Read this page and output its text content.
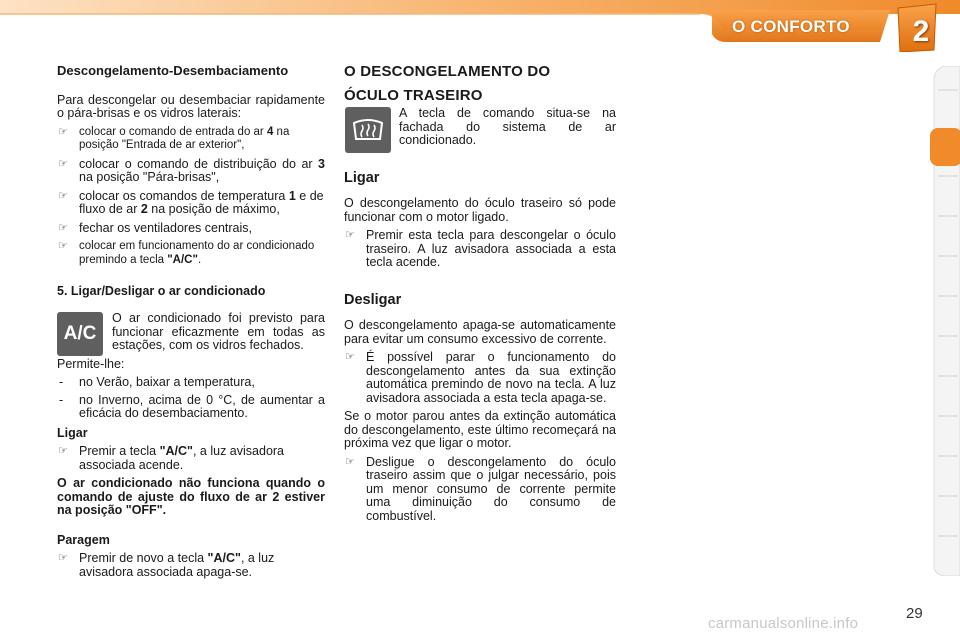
O CONFORTO 2

Descongelamento-Desembaciamento

Para descongelar ou desembaciar rapidamente o pára-brisas e os vidros laterais:

☞ colocar o comando de entrada do ar 4 na posição "Entrada de ar exterior",
☞ colocar o comando de distribuição do ar 3 na posição "Pára-brisas",
☞ colocar os comandos de temperatura 1 e de fluxo de ar 2 na posição de máximo,
☞ fechar os ventiladores centrais,
☞ colocar em funcionamento do ar condicionado premindo a tecla "A/C".

5. Ligar/Desligar o ar condicionado

A/C

O ar condicionado foi previsto para funcionar eficazmente em todas as estações, com os vidros fechados.

Permite-lhe:

- no Verão, baixar a temperatura,
- no Inverno, acima de 0 °C, de aumentar a eficácia do desembaciamento.

Ligar

☞ Premir a tecla "A/C", a luz avisadora associada acende.

O ar condicionado não funciona quando o comando de ajuste do fluxo de ar 2 estiver na posição "OFF".

Paragem

☞ Premir de novo a tecla "A/C", a luz avisadora associada apaga-se.

O DESCONGELAMENTO DO

ÓCULO TRASEIRO

A tecla de comando situa-se na fachada do sistema de ar condicionado.

Ligar

O descongelamento do óculo traseiro só pode funcionar com o motor ligado.

☞ Premir esta tecla para descongelar o óculo traseiro. A luz avisadora associada a esta tecla acende.

Desligar

O descongelamento apaga-se automaticamente para evitar um consumo excessivo de corrente.

☞ É possível parar o funcionamento do descongelamento antes da sua extinção automática premindo de novo na tecla. A luz avisadora associada a esta tecla apaga-se.

Se o motor parou antes da extinção automática do descongelamento, este último recomeçará na próxima vez que ligar o motor.

☞ Desligue o descongelamento do óculo traseiro assim que o julgar necessário, pois um menor consumo de corrente permite uma diminuição do consumo de combustível.
carmanualsonline.info
29
